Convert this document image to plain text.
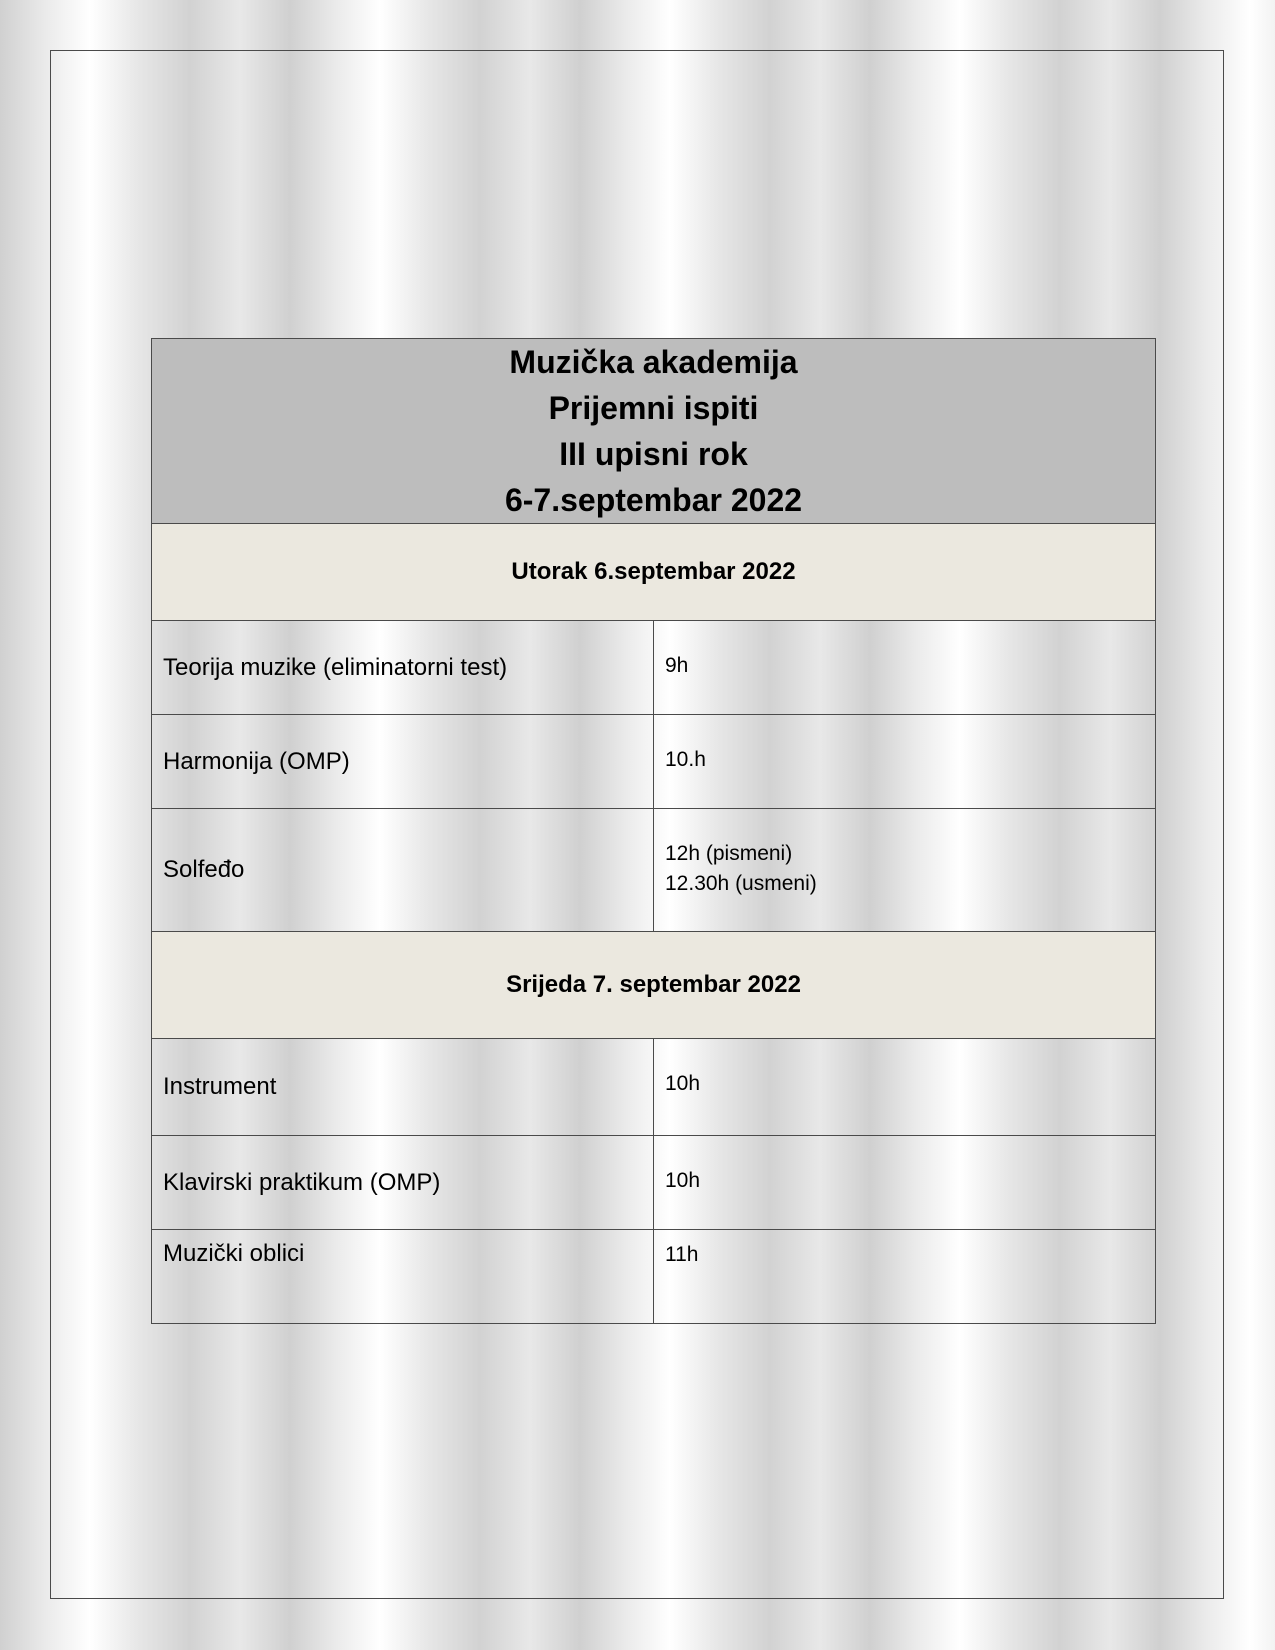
Muzička akademija
Prijemni ispiti
III upisni rok
6-7.septembar 2022	

Utorak 6.septembar 2022	
Teorija muzike (eliminatorni test)	9h

Harmonija (OMP)	10.h

Solfeđo	12h (pismeni)
12.30h (usmeni)

Srijeda 7. septembar 2022	
Instrument	10h

Klavirski praktikum (OMP)	10h

Muzički oblici	11h
